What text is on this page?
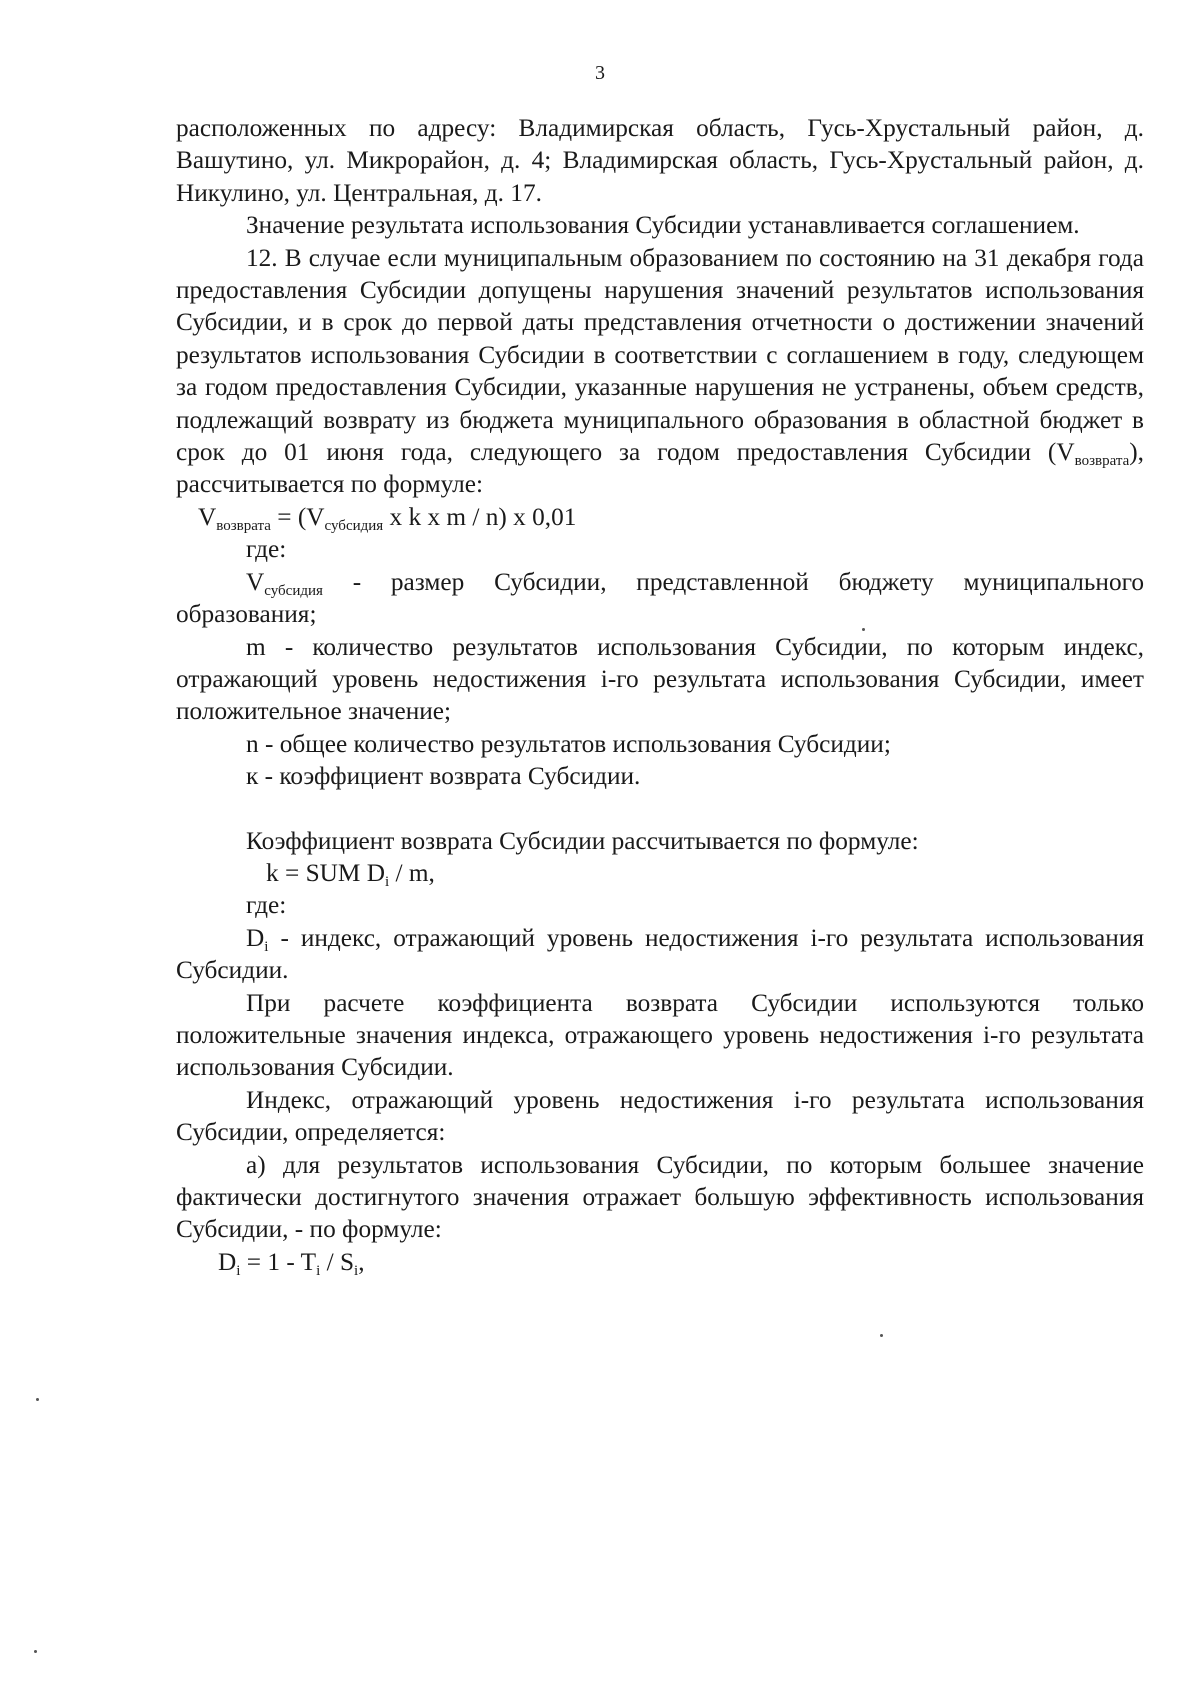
3

расположенных по адресу: Владимирская область, Гусь-Хрустальный район, д. Вашутино, ул. Микрорайон, д. 4; Владимирская область, Гусь-Хрустальный район, д. Никулино, ул. Центральная, д. 17.

Значение результата использования Субсидии устанавливается соглашением.

12. В случае если муниципальным образованием по состоянию на 31 декабря года предоставления Субсидии допущены нарушения значений результатов использования Субсидии, и в срок до первой даты представления отчетности о достижении значений результатов использования Субсидии в соответствии с соглашением в году, следующем за годом предоставления Субсидии, указанные нарушения не устранены, объем средств, подлежащий возврату из бюджета муниципального образования в областной бюджет в срок до 01 июня года, следующего за годом предоставления Субсидии $(V_{возврата})$,

рассчитывается по формуле:

$V_{возврата} = (V_{субсидия}$ x k x m / n) x 0,01

где:

$V_{субсидия}$ - размер Субсидии, представленной бюджету муниципального образования;

m - количество результатов использования Субсидии, по которым индекс, отражающий уровень недостижения i-го результата использования Субсидии, имеет положительное значение;

n - общее количество результатов использования Субсидии;

к - коэффициент возврата Субсидии.

Коэффициент возврата Субсидии рассчитывается по формуле:

k = SUM $D_i$ / m,

где:

$D_i$ - индекс, отражающий уровень недостижения i-го результата использования Субсидии.

При расчете коэффициента возврата Субсидии используются только положительные значения индекса, отражающего уровень недостижения i-го результата использования Субсидии.

Индекс, отражающий уровень недостижения i-го результата использования Субсидии, определяется:

а) для результатов использования Субсидии, по которым большее значение фактически достигнутого значения отражает большую эффективность использования Субсидии, - по формуле:

$D_i = 1 - T_i / S_i$,
